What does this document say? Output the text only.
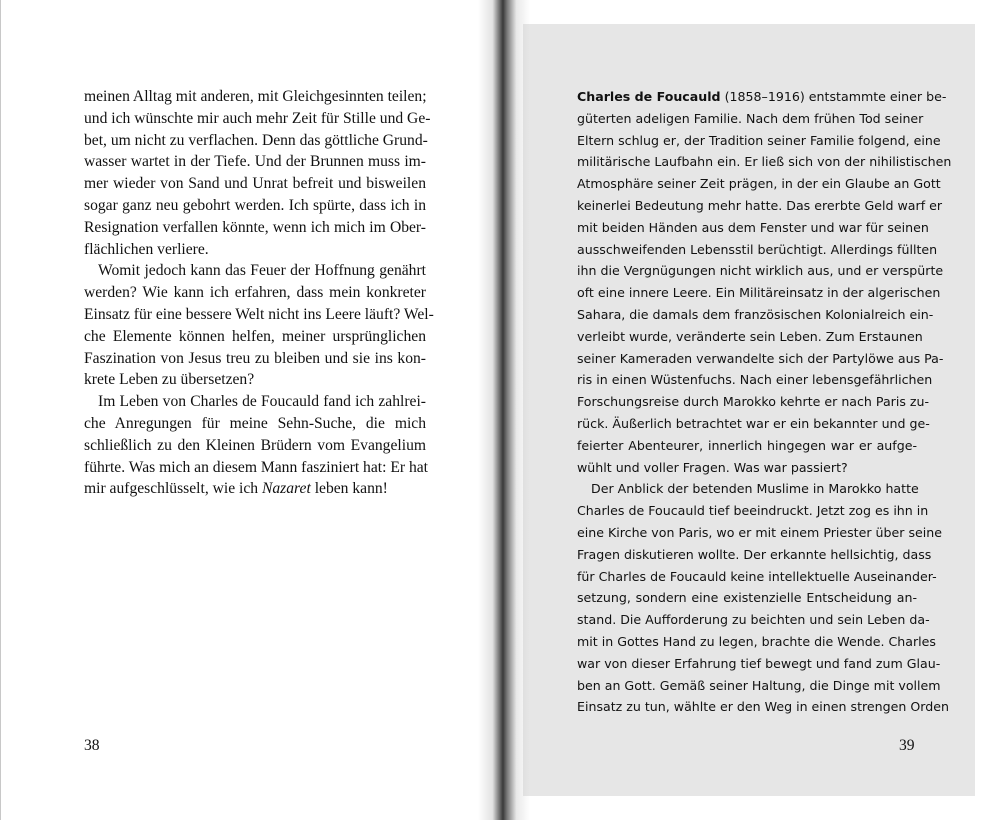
meinen Alltag mit anderen, mit Gleichgesinnten teilen;
und ich wünschte mir auch mehr Zeit für Stille und Ge-
bet, um nicht zu verflachen. Denn das göttliche Grund-
wasser wartet in der Tiefe. Und der Brunnen muss im-
mer wieder von Sand und Unrat befreit und bisweilen
sogar ganz neu gebohrt werden. Ich spürte, dass ich in
Resignation verfallen könnte, wenn ich mich im Ober-
flächlichen verliere.

Womit jedoch kann das Feuer der Hoffnung genährt
werden? Wie kann ich erfahren, dass mein konkreter
Einsatz für eine bessere Welt nicht ins Leere läuft? Wel-
che Elemente können helfen, meiner ursprünglichen
Faszination von Jesus treu zu bleiben und sie ins kon-
krete Leben zu übersetzen?

Im Leben von Charles de Foucauld fand ich zahlrei-
che Anregungen für meine Sehn-Suche, die mich
schließlich zu den Kleinen Brüdern vom Evangelium
führte. Was mich an diesem Mann fasziniert hat: Er hat
mir aufgeschlüsselt, wie ich Nazaret leben kann!

38

Charles de Foucauld (1858–1916) entstammte einer be-
güterten adeligen Familie. Nach dem frühen Tod seiner
Eltern schlug er, der Tradition seiner Familie folgend, eine
militärische Laufbahn ein. Er ließ sich von der nihilistischen
Atmosphäre seiner Zeit prägen, in der ein Glaube an Gott
keinerlei Bedeutung mehr hatte. Das ererbte Geld warf er
mit beiden Händen aus dem Fenster und war für seinen
ausschweifenden Lebensstil berüchtigt. Allerdings füllten
ihn die Vergnügungen nicht wirklich aus, und er verspürte
oft eine innere Leere. Ein Militäreinsatz in der algerischen
Sahara, die damals dem französischen Kolonialreich ein-
verleibt wurde, veränderte sein Leben. Zum Erstaunen
seiner Kameraden verwandelte sich der Partylöwe aus Pa-
ris in einen Wüstenfuchs. Nach einer lebensgefährlichen
Forschungsreise durch Marokko kehrte er nach Paris zu-
rück. Äußerlich betrachtet war er ein bekannter und ge-
feierter Abenteurer, innerlich hingegen war er aufge-
wühlt und voller Fragen. Was war passiert?

Der Anblick der betenden Muslime in Marokko hatte
Charles de Foucauld tief beeindruckt. Jetzt zog es ihn in
eine Kirche von Paris, wo er mit einem Priester über seine
Fragen diskutieren wollte. Der erkannte hellsichtig, dass
für Charles de Foucauld keine intellektuelle Auseinander-
setzung, sondern eine existenzielle Entscheidung an-
stand. Die Aufforderung zu beichten und sein Leben da-
mit in Gottes Hand zu legen, brachte die Wende. Charles
war von dieser Erfahrung tief bewegt und fand zum Glau-
ben an Gott. Gemäß seiner Haltung, die Dinge mit vollem
Einsatz zu tun, wählte er den Weg in einen strengen Orden

39
